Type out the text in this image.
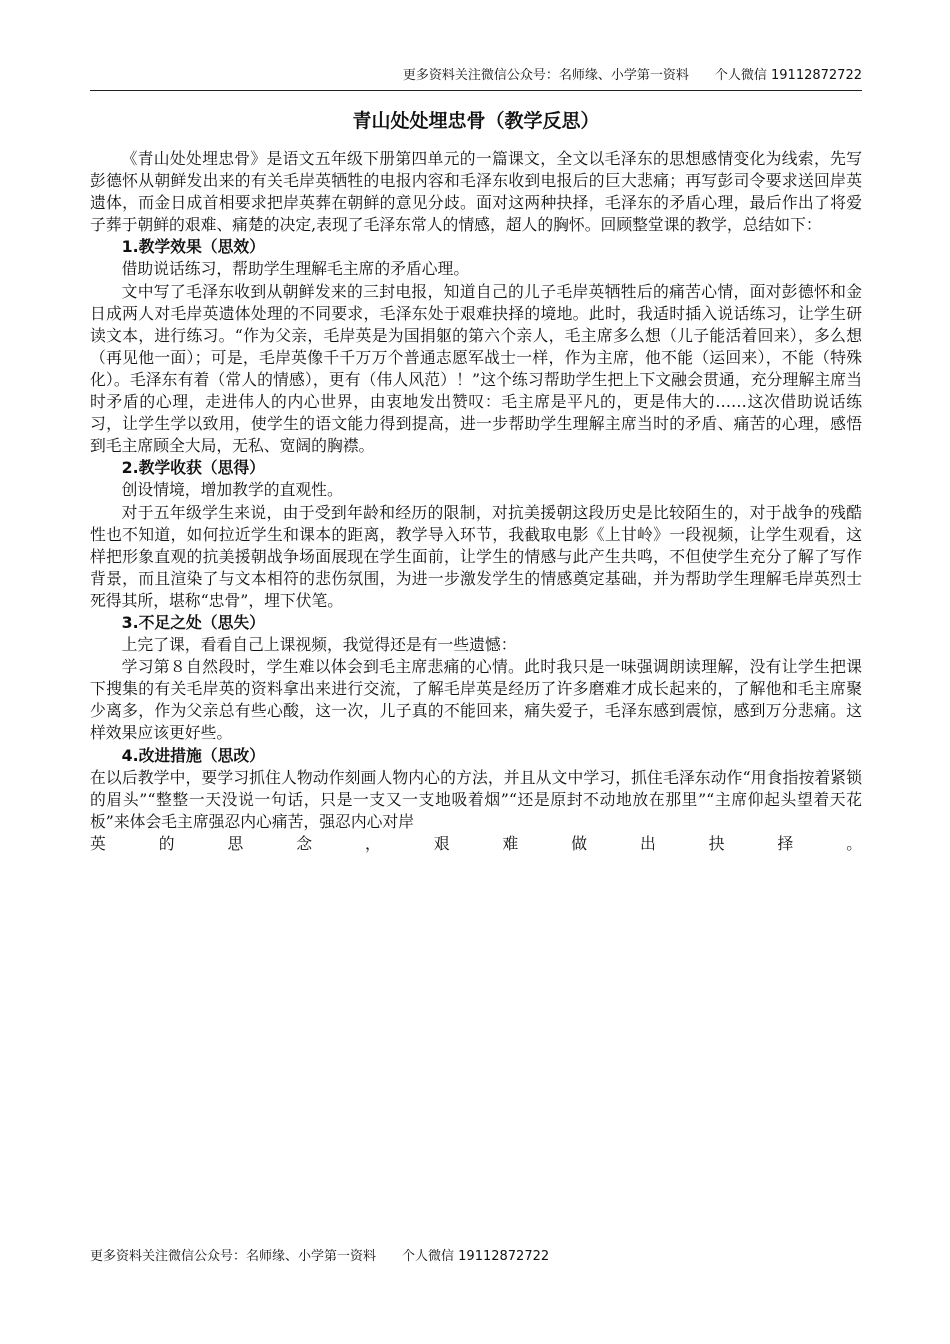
更多资料关注微信公众号：名师缘、小学第一资料 个人微信 19112872722
青山处处埋忠骨（教学反思）

《青山处处埋忠骨》是语文五年级下册第四单元的一篇课文，全文以毛泽东的思想感情变化为线索，先写彭德怀从朝鲜发出来的有关毛岸英牺牲的电报内容和毛泽东收到电报后的巨大悲痛；再写彭司令要求送回岸英遗体，而金日成首相要求把岸英葬在朝鲜的意见分歧。面对这两种抉择，毛泽东的矛盾心理，最后作出了将爱子葬于朝鲜的艰难、痛楚的决定,表现了毛泽东常人的情感，超人的胸怀。回顾整堂课的教学，总结如下：

1.教学效果（思效）

借助说话练习，帮助学生理解毛主席的矛盾心理。

文中写了毛泽东收到从朝鲜发来的三封电报，知道自己的儿子毛岸英牺牲后的痛苦心情，面对彭德怀和金日成两人对毛岸英遗体处理的不同要求，毛泽东处于艰难抉择的境地。此时，我适时插入说话练习，让学生研读文本，进行练习。“作为父亲，毛岸英是为国捐躯的第六个亲人，毛主席多么想（儿子能活着回来），多么想（再见他一面）；可是，毛岸英像千千万万个普通志愿军战士一样，作为主席，他不能（运回来），不能（特殊化）。毛泽东有着（常人的情感），更有（伟人风范）！”这个练习帮助学生把上下文融会贯通，充分理解主席当时矛盾的心理，走进伟人的内心世界，由衷地发出赞叹：毛主席是平凡的，更是伟大的……这次借助说话练习，让学生学以致用，使学生的语文能力得到提高，进一步帮助学生理解主席当时的矛盾、痛苦的心理，感悟到毛主席顾全大局，无私、宽阔的胸襟。

2.教学收获（思得）

创设情境，增加教学的直观性。

对于五年级学生来说，由于受到年龄和经历的限制，对抗美援朝这段历史是比较陌生的，对于战争的残酷性也不知道，如何拉近学生和课本的距离，教学导入环节，我截取电影《上甘岭》一段视频，让学生观看，这样把形象直观的抗美援朝战争场面展现在学生面前，让学生的情感与此产生共鸣，不但使学生充分了解了写作背景，而且渲染了与文本相符的悲伤氛围，为进一步激发学生的情感奠定基础，并为帮助学生理解毛岸英烈士死得其所，堪称“忠骨”，埋下伏笔。

3.不足之处（思失）

上完了课，看看自己上课视频，我觉得还是有一些遗憾：

学习第８自然段时，学生难以体会到毛主席悲痛的心情。此时我只是一味强调朗读理解，没有让学生把课下搜集的有关毛岸英的资料拿出来进行交流，了解毛岸英是经历了许多磨难才成长起来的，了解他和毛主席聚少离多，作为父亲总有些心酸，这一次，儿子真的不能回来，痛失爱子，毛泽东感到震惊，感到万分悲痛。这样效果应该更好些。

4.改进措施（思改）

在以后教学中，要学习抓住人物动作刻画人物内心的方法，并且从文中学习，抓住毛泽东动作“用食指按着紧锁的眉头”“整整一天没说一句话，只是一支又一支地吸着烟”“还是原封不动地放在那里”“主席仰起头望着天花板”来体会毛主席强忍内心痛苦，强忍内心对岸

英的思念，艰难做出抉择。

更多资料关注微信公众号：名师缘、小学第一资料 个人微信 19112872722
